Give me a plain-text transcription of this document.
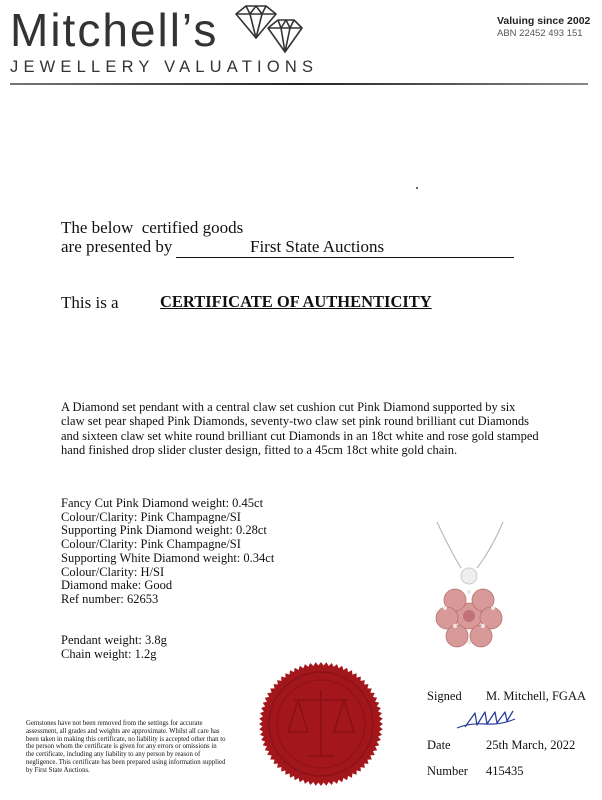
Mitchell’s
JEWELLERY VALUATIONS
Valuing since 2002
ABN 22452 493 151
The below  certified goods
are presented by	First State Auctions
This is a	CERTIFICATE OF AUTHENTICITY
A Diamond set pendant with a central claw set cushion cut Pink Diamond supported by six claw set pear shaped Pink Diamonds, seventy-two claw set pink round brilliant cut Diamonds and sixteen claw set white round brilliant cut Diamonds in an 18ct white and rose gold stamped hand finished drop slider cluster design, fitted to a 45cm 18ct white gold chain.
Fancy Cut Pink Diamond weight: 0.45ct
Colour/Clarity: Pink Champagne/SI
Supporting Pink Diamond weight: 0.28ct
Colour/Clarity: Pink Champagne/SI
Supporting White Diamond weight: 0.34ct
Colour/Clarity: H/SI
Diamond make: Good
Ref number: 62653
Pendant weight: 3.8g
Chain weight: 1.2g
Gemstones have not been removed from the settings for accurate assessment, all grades and weights are approximate. Whilst all care has been taken in making this certificate, no liability is accepted other than to the person whom the certificate is given for any errors or omissions in the certificate, including any liability to any person by reason of negligence. This certificate has been prepared using information supplied by First State Auctions.
Signed M. Mitchell, FGAA
Date	25th March, 2022
Number 415435
